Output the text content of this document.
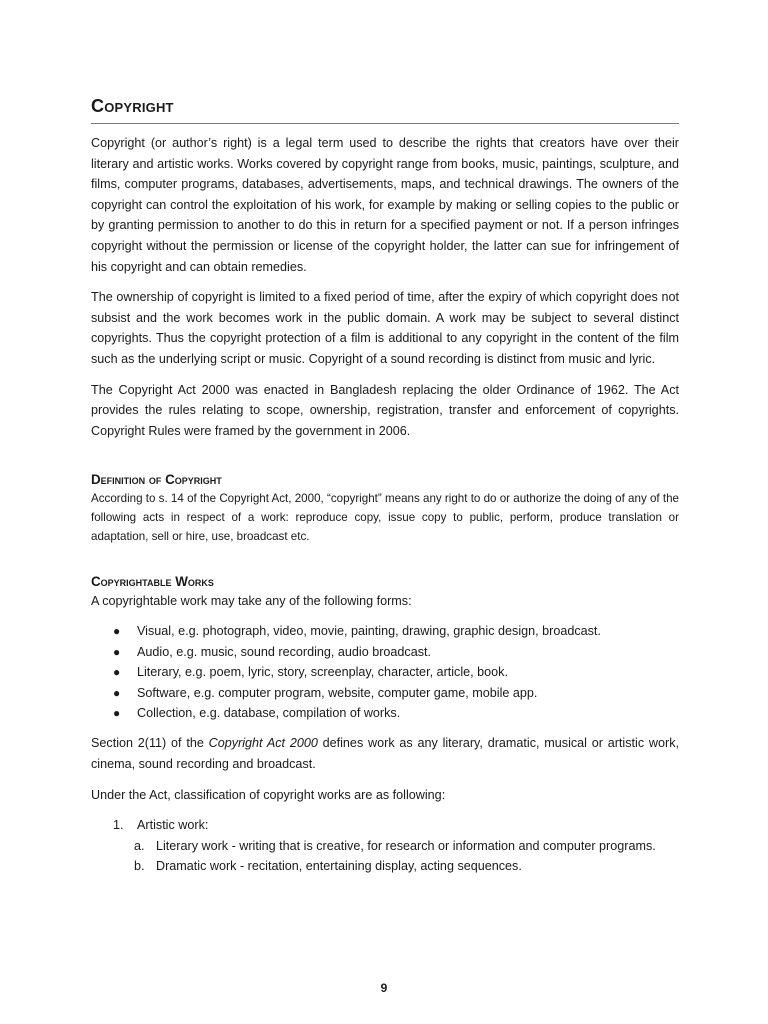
Copyright

Copyright (or author’s right) is a legal term used to describe the rights that creators have over their literary and artistic works. Works covered by copyright range from books, music, paintings, sculpture, and films, computer programs, databases, advertisements, maps, and technical drawings. The owners of the copyright can control the exploitation of his work, for example by making or selling copies to the public or by granting permission to another to do this in return for a specified payment or not. If a person infringes copyright without the permission or license of the copyright holder, the latter can sue for infringement of his copyright and can obtain remedies.

The ownership of copyright is limited to a fixed period of time, after the expiry of which copyright does not subsist and the work becomes work in the public domain. A work may be subject to several distinct copyrights. Thus the copyright protection of a film is additional to any copyright in the content of the film such as the underlying script or music. Copyright of a sound recording is distinct from music and lyric.

The Copyright Act 2000 was enacted in Bangladesh replacing the older Ordinance of 1962. The Act provides the rules relating to scope, ownership, registration, transfer and enforcement of copyrights. Copyright Rules were framed by the government in 2006.

Definition of Copyright

According to s. 14 of the Copyright Act, 2000, “copyright” means any right to do or authorize the doing of any of the following acts in respect of a work: reproduce copy, issue copy to public, perform, produce translation or adaptation, sell or hire, use, broadcast etc.

Copyrightable Works

A copyrightable work may take any of the following forms:

● Visual, e.g. photograph, video, movie, painting, drawing, graphic design, broadcast.
● Audio, e.g. music, sound recording, audio broadcast.
● Literary, e.g. poem, lyric, story, screenplay, character, article, book.
● Software, e.g. computer program, website, computer game, mobile app.
● Collection, e.g. database, compilation of works.

Section 2(11) of the Copyright Act 2000 defines work as any literary, dramatic, musical or artistic work, cinema, sound recording and broadcast.

Under the Act, classification of copyright works are as following:

1. Artistic work:
a. Literary work - writing that is creative, for research or information and computer programs.
b. Dramatic work - recitation, entertaining display, acting sequences.
9
